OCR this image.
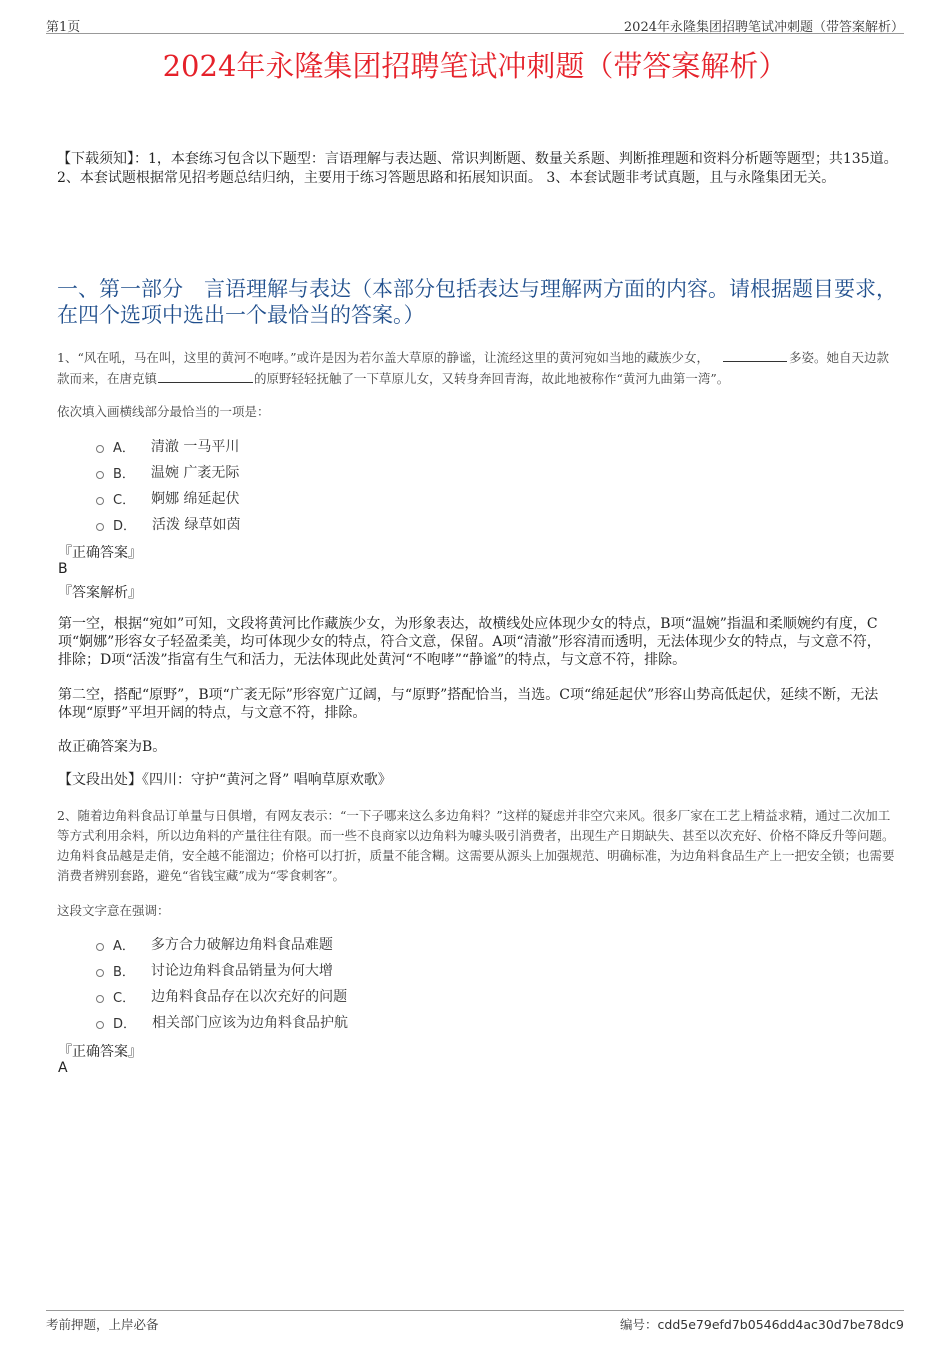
第1页	2024年永隆集团招聘笔试冲刺题（带答案解析）
2024年永隆集团招聘笔试冲刺题（带答案解析）
【下载须知】：1，本套练习包含以下题型：言语理解与表达题、常识判断题、数量关系题、判断推理题和资料分析题等题型；共135道。 2、本套试题根据常见招考题总结归纳，主要用于练习答题思路和拓展知识面。 3、本套试题非考试真题，且与永隆集团无关。
一、第一部分　言语理解与表达（本部分包括表达与理解两方面的内容。请根据题目要求，在四个选项中选出一个最恰当的答案。）
1、“风在吼，马在叫，这里的黄河不咆哮。”或许是因为若尔盖大草原的静谧，让流经这里的黄河宛如当地的藏族少女，	多姿。她自天边款款而来，在唐克镇	的原野轻轻抚触了一下草原儿女，又转身奔回青海，故此地被称作“黄河九曲第一湾”。
依次填入画横线部分最恰当的一项是：
A． 清澈 一马平川
B． 温婉 广袤无际
C． 婀娜 绵延起伏
D． 活泼 绿草如茵
『正确答案』
B
『答案解析』
第一空，根据“宛如”可知，文段将黄河比作藏族少女，为形象表达，故横线处应体现少女的特点，B项“温婉”指温和柔顺婉约有度，C项“婀娜”形容女子轻盈柔美，均可体现少女的特点，符合文意，保留。A项“清澈”形容清而透明，无法体现少女的特点，与文意不符，排除；D项“活泼”指富有生气和活力，无法体现此处黄河“不咆哮”“静谧”的特点，与文意不符，排除。
第二空，搭配“原野”，B项“广袤无际”形容宽广辽阔，与“原野”搭配恰当，当选。C项“绵延起伏”形容山势高低起伏，延续不断，无法体现“原野”平坦开阔的特点，与文意不符，排除。
故正确答案为B。
【文段出处】《四川：守护“黄河之肾” 唱响草原欢歌》
2、随着边角料食品订单量与日俱增，有网友表示：“一下子哪来这么多边角料？”这样的疑虑并非空穴来风。很多厂家在工艺上精益求精，通过二次加工等方式利用余料，所以边角料的产量往往有限。而一些不良商家以边角料为噱头吸引消费者，出现生产日期缺失、甚至以次充好、价格不降反升等问题。边角料食品越是走俏，安全越不能溜边；价格可以打折，质量不能含糊。这需要从源头上加强规范、明确标准，为边角料食品生产上一把安全锁；也需要消费者辨别套路，避免“省钱宝藏”成为“零食刺客”。
这段文字意在强调：
A． 多方合力破解边角料食品难题
B． 讨论边角料食品销量为何大增
C． 边角料食品存在以次充好的问题
D． 相关部门应该为边角料食品护航
『正确答案』
A
考前押题，上岸必备	编号：cdd5e79efd7b0546dd4ac30d7be78dc9
